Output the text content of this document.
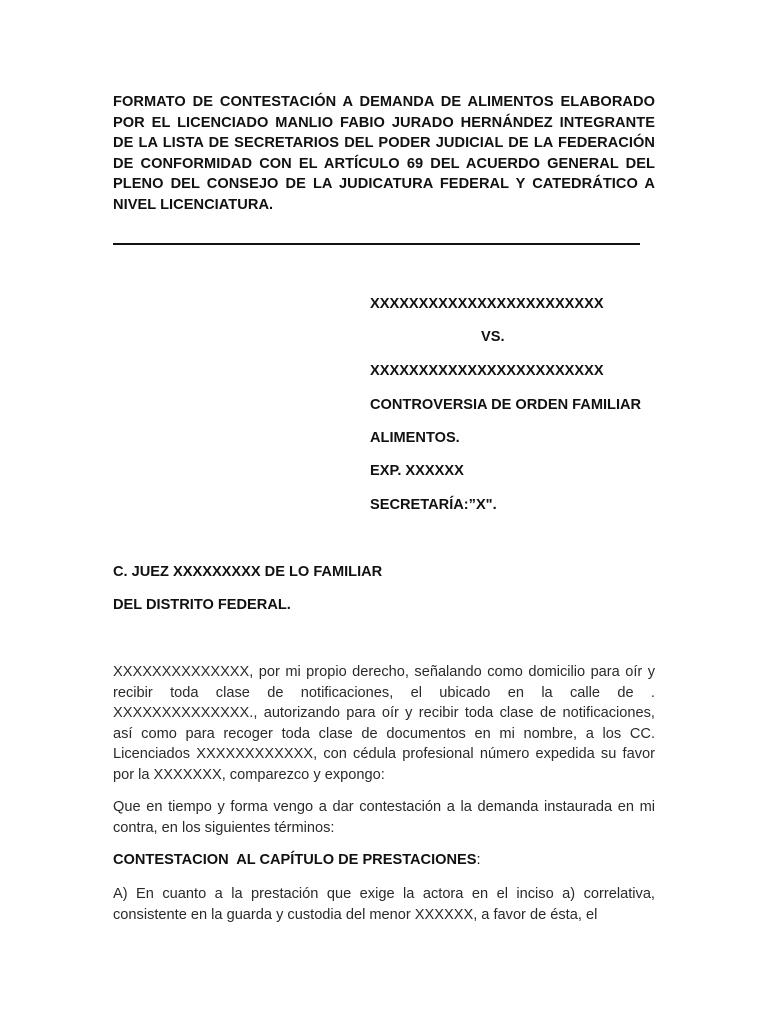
FORMATO DE CONTESTACIÓN A DEMANDA DE ALIMENTOS ELABORADO POR EL LICENCIADO MANLIO FABIO JURADO HERNÁNDEZ INTEGRANTE DE LA LISTA DE SECRETARIOS DEL PODER JUDICIAL DE LA FEDERACIÓN DE CONFORMIDAD CON EL ARTÍCULO 69 DEL ACUERDO GENERAL DEL PLENO DEL CONSEJO DE LA JUDICATURA FEDERAL Y CATEDRÁTICO A NIVEL LICENCIATURA.

XXXXXXXXXXXXXXXXXXXXXXXX
VS.
XXXXXXXXXXXXXXXXXXXXXXXX
CONTROVERSIA DE ORDEN FAMILIAR
ALIMENTOS.
EXP. XXXXXX
SECRETARÍA:”X".
C. JUEZ XXXXXXXXX DE LO FAMILIAR
DEL DISTRITO FEDERAL.

XXXXXXXXXXXXXX, por mi propio derecho, señalando como domicilio para oír y recibir toda clase de notificaciones, el ubicado en la calle de . XXXXXXXXXXXXXX., autorizando para oír y recibir toda clase de notificaciones, así como para recoger toda clase de documentos en mi nombre, a los CC. Licenciados XXXXXXXXXXXX, con cédula profesional número expedida su favor por la XXXXXXX, comparezco y expongo:

Que en tiempo y forma vengo a dar contestación a la demanda instaurada en mi contra, en los siguientes términos:

CONTESTACION  AL CAPÍTULO DE PRESTACIONES:

A) En cuanto a la prestación que exige la actora en el inciso a) correlativa, consistente en la guarda y custodia del menor XXXXXX, a favor de ésta, el
